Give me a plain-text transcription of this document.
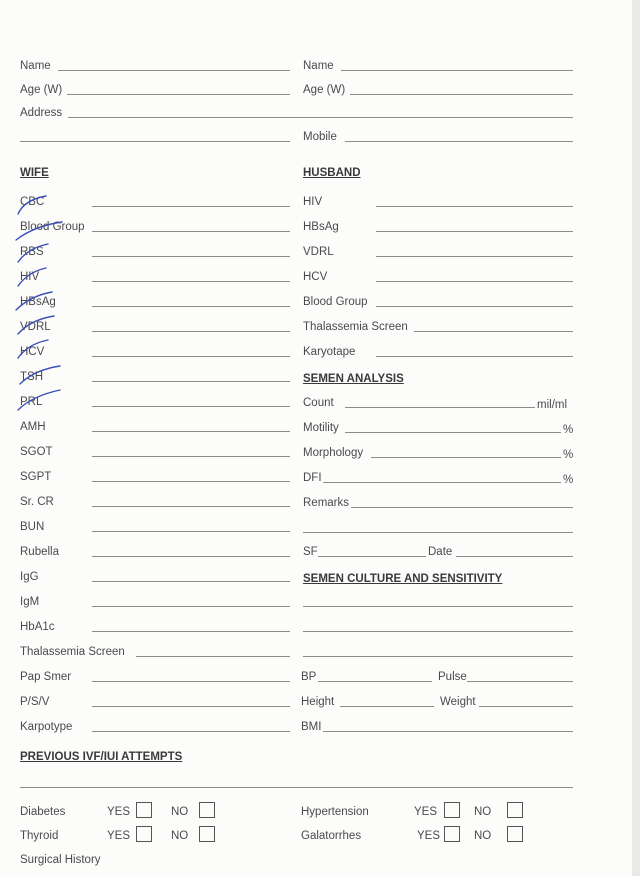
Name	Name
Age (W)	Age (W)
Address
Mobile
WIFE	HUSBAND
CBC
Blood Group
RBS
HIV
HBsAg
VDRL
HCV
TSH
PRL
AMH
SGOT
SGPT
Sr. CR
BUN
Rubella
IgG
IgM
HbA1c
Thalassemia Screen
Pap Smer
P/S/V
Karpotype
HIV
HBsAg
VDRL
HCV
Blood Group
Thalassemia Screen
Karyotape
SEMEN ANALYSIS
Count	mil/ml
Motility	%
Morphology	%
DFI	%
Remarks
SF	Date
SEMEN CULTURE AND SENSITIVITY
BP	Pulse
Height	Weight
BMI
PREVIOUS IVF/IUI ATTEMPTS
Diabetes	YES	NO	Hypertension	YES	NO
Thyroid	YES	NO	Galatorrhes	YES	NO
Surgical History
